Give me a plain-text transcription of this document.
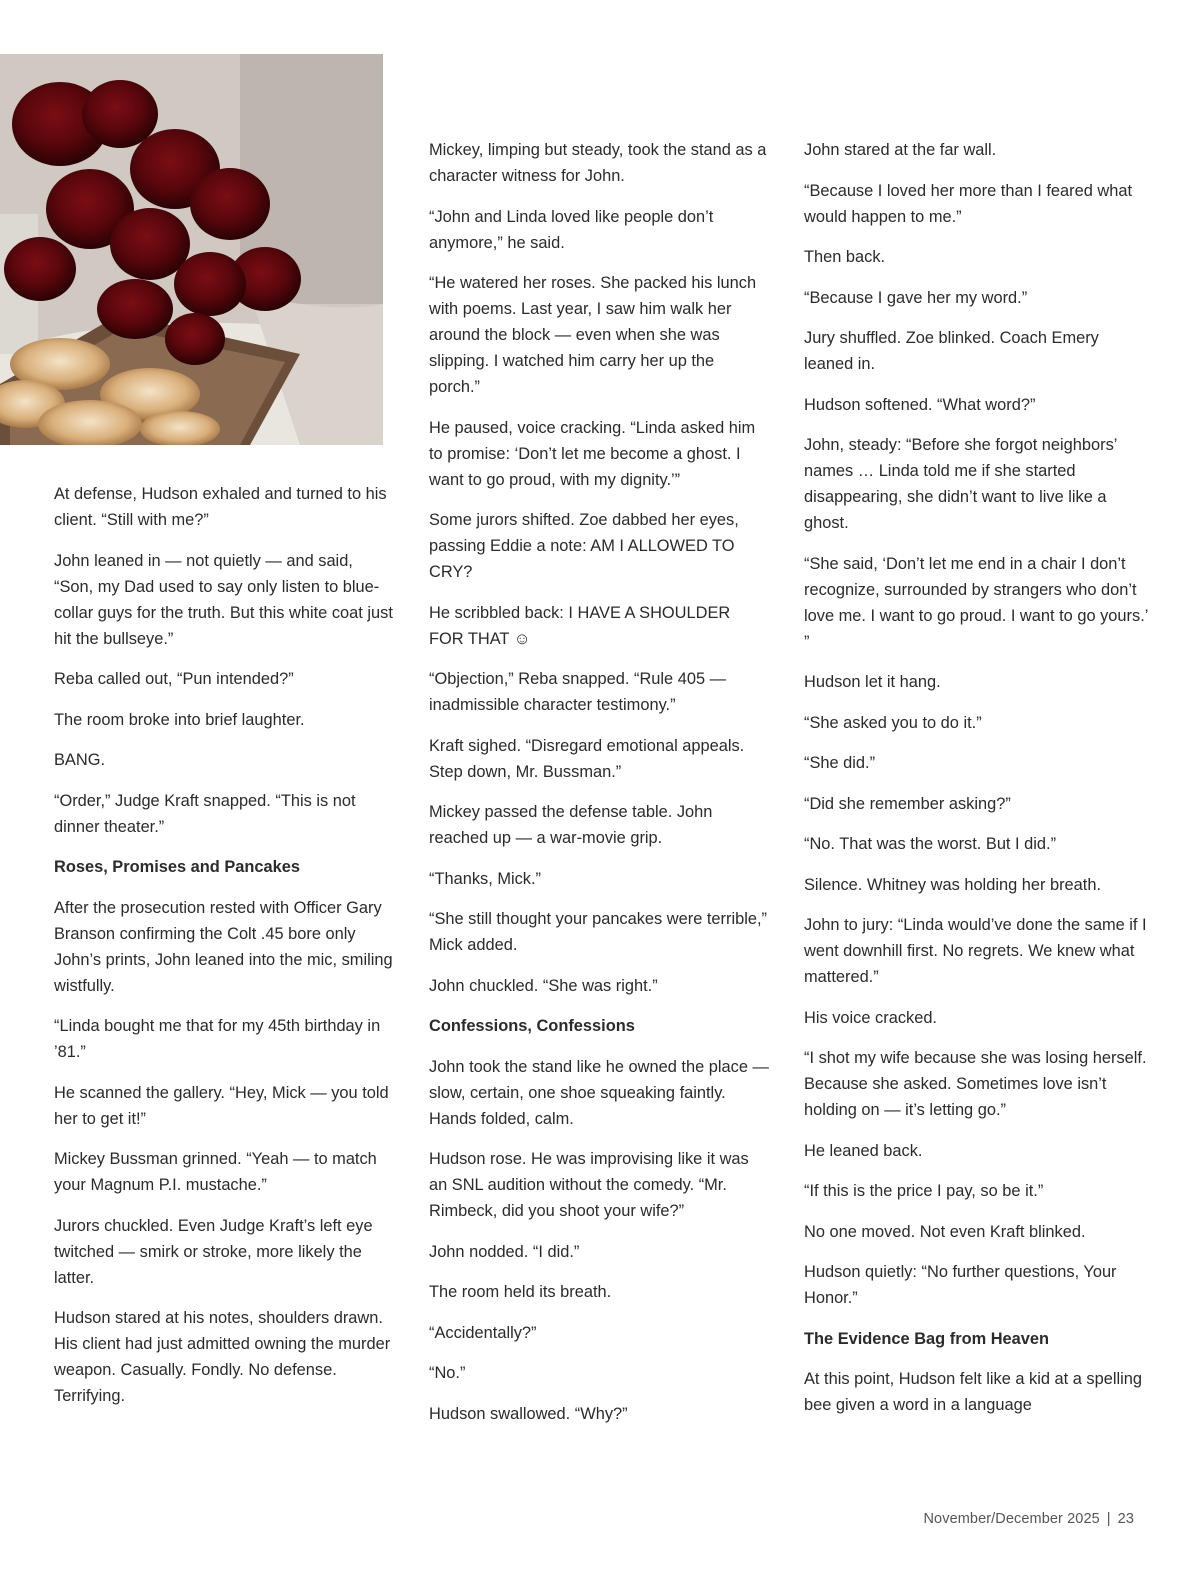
At defense, Hudson exhaled and turned to his client. “Still with me?”

John leaned in — not quietly — and said, “Son, my Dad used to say only listen to blue-collar guys for the truth. But this white coat just hit the bullseye.”

Reba called out, “Pun intended?”

The room broke into brief laughter.

BANG.

“Order,” Judge Kraft snapped. “This is not dinner theater.”

Roses, Promises and Pancakes

After the prosecution rested with Officer Gary Branson confirming the Colt .45 bore only John’s prints, John leaned into the mic, smiling wistfully.

“Linda bought me that for my 45th birthday in ’81.”

He scanned the gallery. “Hey, Mick — you told her to get it!”

Mickey Bussman grinned. “Yeah — to match your Magnum P.I. mustache.”

Jurors chuckled. Even Judge Kraft’s left eye twitched — smirk or stroke, more likely the latter.

Hudson stared at his notes, shoulders drawn. His client had just admitted owning the murder weapon. Casually. Fondly. No defense. Terrifying.

Mickey, limping but steady, took the stand as a character witness for John.

“John and Linda loved like people don’t anymore,” he said.

“He watered her roses. She packed his lunch with poems. Last year, I saw him walk her around the block — even when she was slipping. I watched him carry her up the porch.”

He paused, voice cracking. “Linda asked him to promise: ‘Don’t let me become a ghost. I want to go proud, with my dignity.’”

Some jurors shifted. Zoe dabbed her eyes, passing Eddie a note: AM I ALLOWED TO CRY?

He scribbled back: I HAVE A SHOULDER FOR THAT ☺

“Objection,” Reba snapped. “Rule 405 — inadmissible character testimony.”

Kraft sighed. “Disregard emotional appeals. Step down, Mr. Bussman.”

Mickey passed the defense table. John reached up — a war-movie grip.

“Thanks, Mick.”

“She still thought your pancakes were terrible,” Mick added.

John chuckled. “She was right.”

Confessions, Confessions

John took the stand like he owned the place — slow, certain, one shoe squeaking faintly. Hands folded, calm.

Hudson rose. He was improvising like it was an SNL audition without the comedy. “Mr. Rimbeck, did you shoot your wife?”

John nodded. “I did.”

The room held its breath.

“Accidentally?”

“No.”

Hudson swallowed. “Why?”

John stared at the far wall.

“Because I loved her more than I feared what would happen to me.”

Then back.

“Because I gave her my word.”

Jury shuffled. Zoe blinked. Coach Emery leaned in.

Hudson softened. “What word?”

John, steady: “Before she forgot neighbors’ names … Linda told me if she started disappearing, she didn’t want to live like a ghost.

“She said, ‘Don’t let me end in a chair I don’t recognize, surrounded by strangers who don’t love me. I want to go proud. I want to go yours.’ ”

Hudson let it hang.

“She asked you to do it.”

“She did.”

“Did she remember asking?”

“No. That was the worst. But I did.”

Silence. Whitney was holding her breath.

John to jury: “Linda would’ve done the same if I went downhill first. No regrets. We knew what mattered.”

His voice cracked.

“I shot my wife because she was losing herself. Because she asked. Sometimes love isn’t holding on — it’s letting go.”

He leaned back.

“If this is the price I pay, so be it.”

No one moved. Not even Kraft blinked.

Hudson quietly: “No further questions, Your Honor.”

The Evidence Bag from Heaven

At this point, Hudson felt like a kid at a spelling bee given a word in a language

November/December 2025 | 23
